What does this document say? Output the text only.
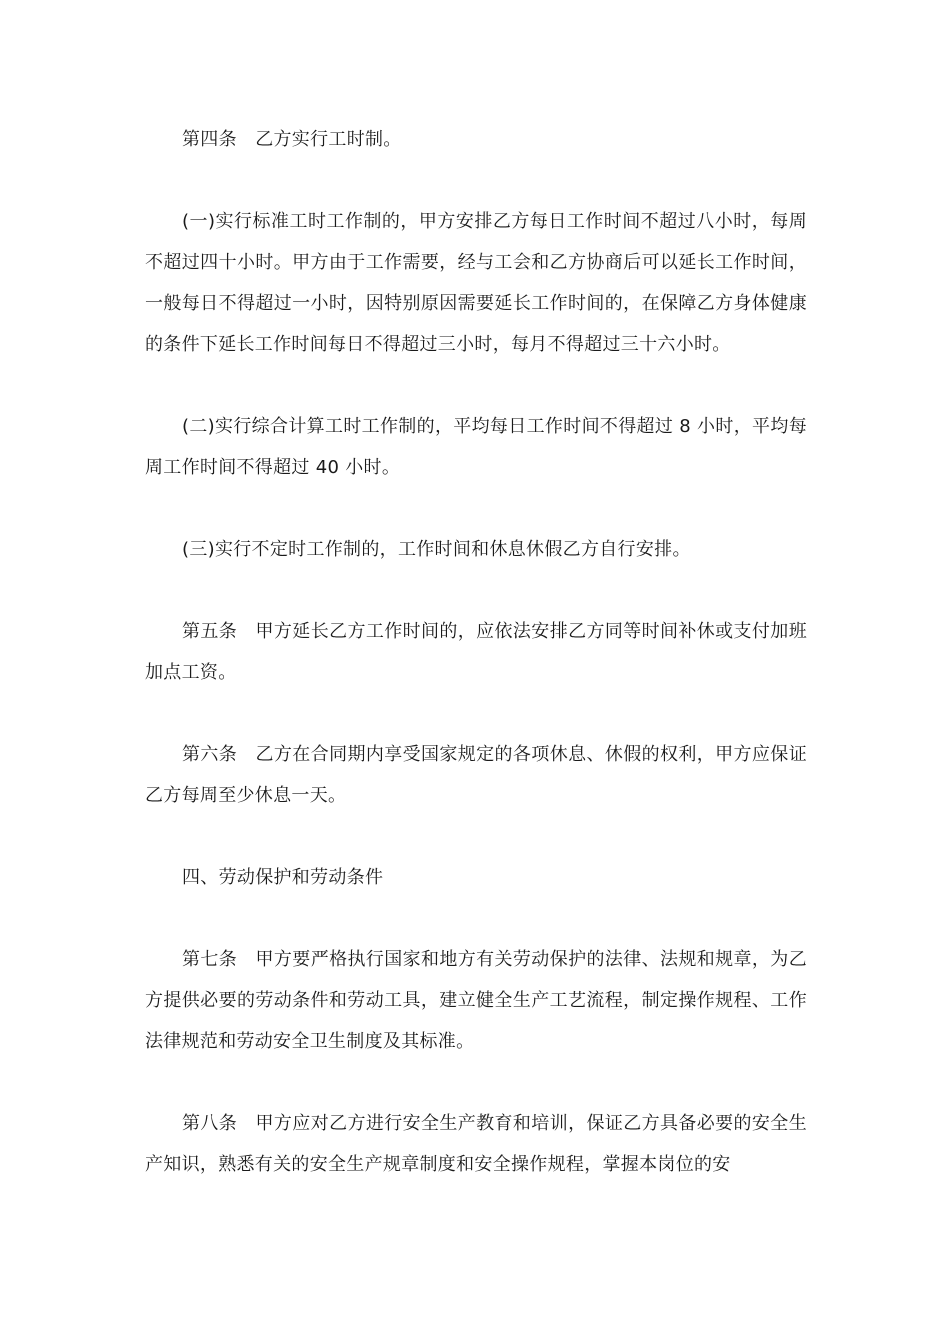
第四条　乙方实行工时制。

(一)实行标准工时工作制的，甲方安排乙方每日工作时间不超过八小时，每周不超过四十小时。甲方由于工作需要，经与工会和乙方协商后可以延长工作时间，一般每日不得超过一小时，因特别原因需要延长工作时间的，在保障乙方身体健康的条件下延长工作时间每日不得超过三小时，每月不得超过三十六小时。

(二)实行综合计算工时工作制的，平均每日工作时间不得超过 8 小时，平均每周工作时间不得超过 40 小时。

(三)实行不定时工作制的，工作时间和休息休假乙方自行安排。

第五条　甲方延长乙方工作时间的，应依法安排乙方同等时间补休或支付加班加点工资。

第六条　乙方在合同期内享受国家规定的各项休息、休假的权利，甲方应保证乙方每周至少休息一天。

四、劳动保护和劳动条件

第七条　甲方要严格执行国家和地方有关劳动保护的法律、法规和规章，为乙方提供必要的劳动条件和劳动工具，建立健全生产工艺流程，制定操作规程、工作法律规范和劳动安全卫生制度及其标准。

第八条　甲方应对乙方进行安全生产教育和培训，保证乙方具备必要的安全生产知识，熟悉有关的安全生产规章制度和安全操作规程，掌握本岗位的安
